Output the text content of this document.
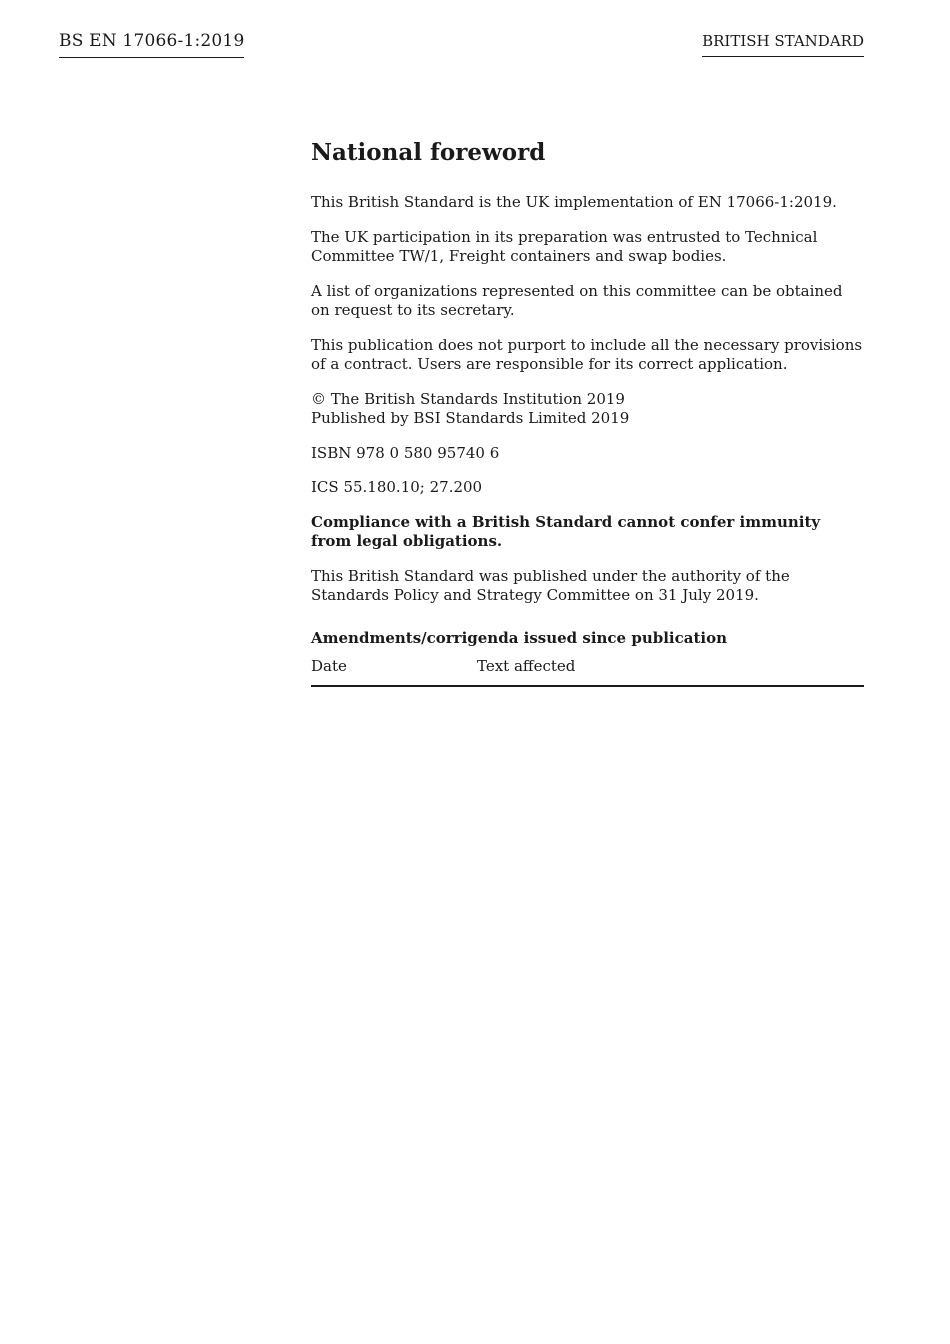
BS EN 17066-1:2019	BRITISH STANDARD
National foreword

This British Standard is the UK implementation of EN 17066-1:2019.

The UK participation in its preparation was entrusted to Technical Committee TW/1, Freight containers and swap bodies.

A list of organizations represented on this committee can be obtained on request to its secretary.

This publication does not purport to include all the necessary provisions of a contract. Users are responsible for its correct application.

© The British Standards Institution 2019
Published by BSI Standards Limited 2019

ISBN 978 0 580 95740 6

ICS 55.180.10; 27.200

Compliance with a British Standard cannot confer immunity from legal obligations.

This British Standard was published under the authority of the Standards Policy and Strategy Committee on 31 July 2019.

Amendments/corrigenda issued since publication
Date	Text affected
